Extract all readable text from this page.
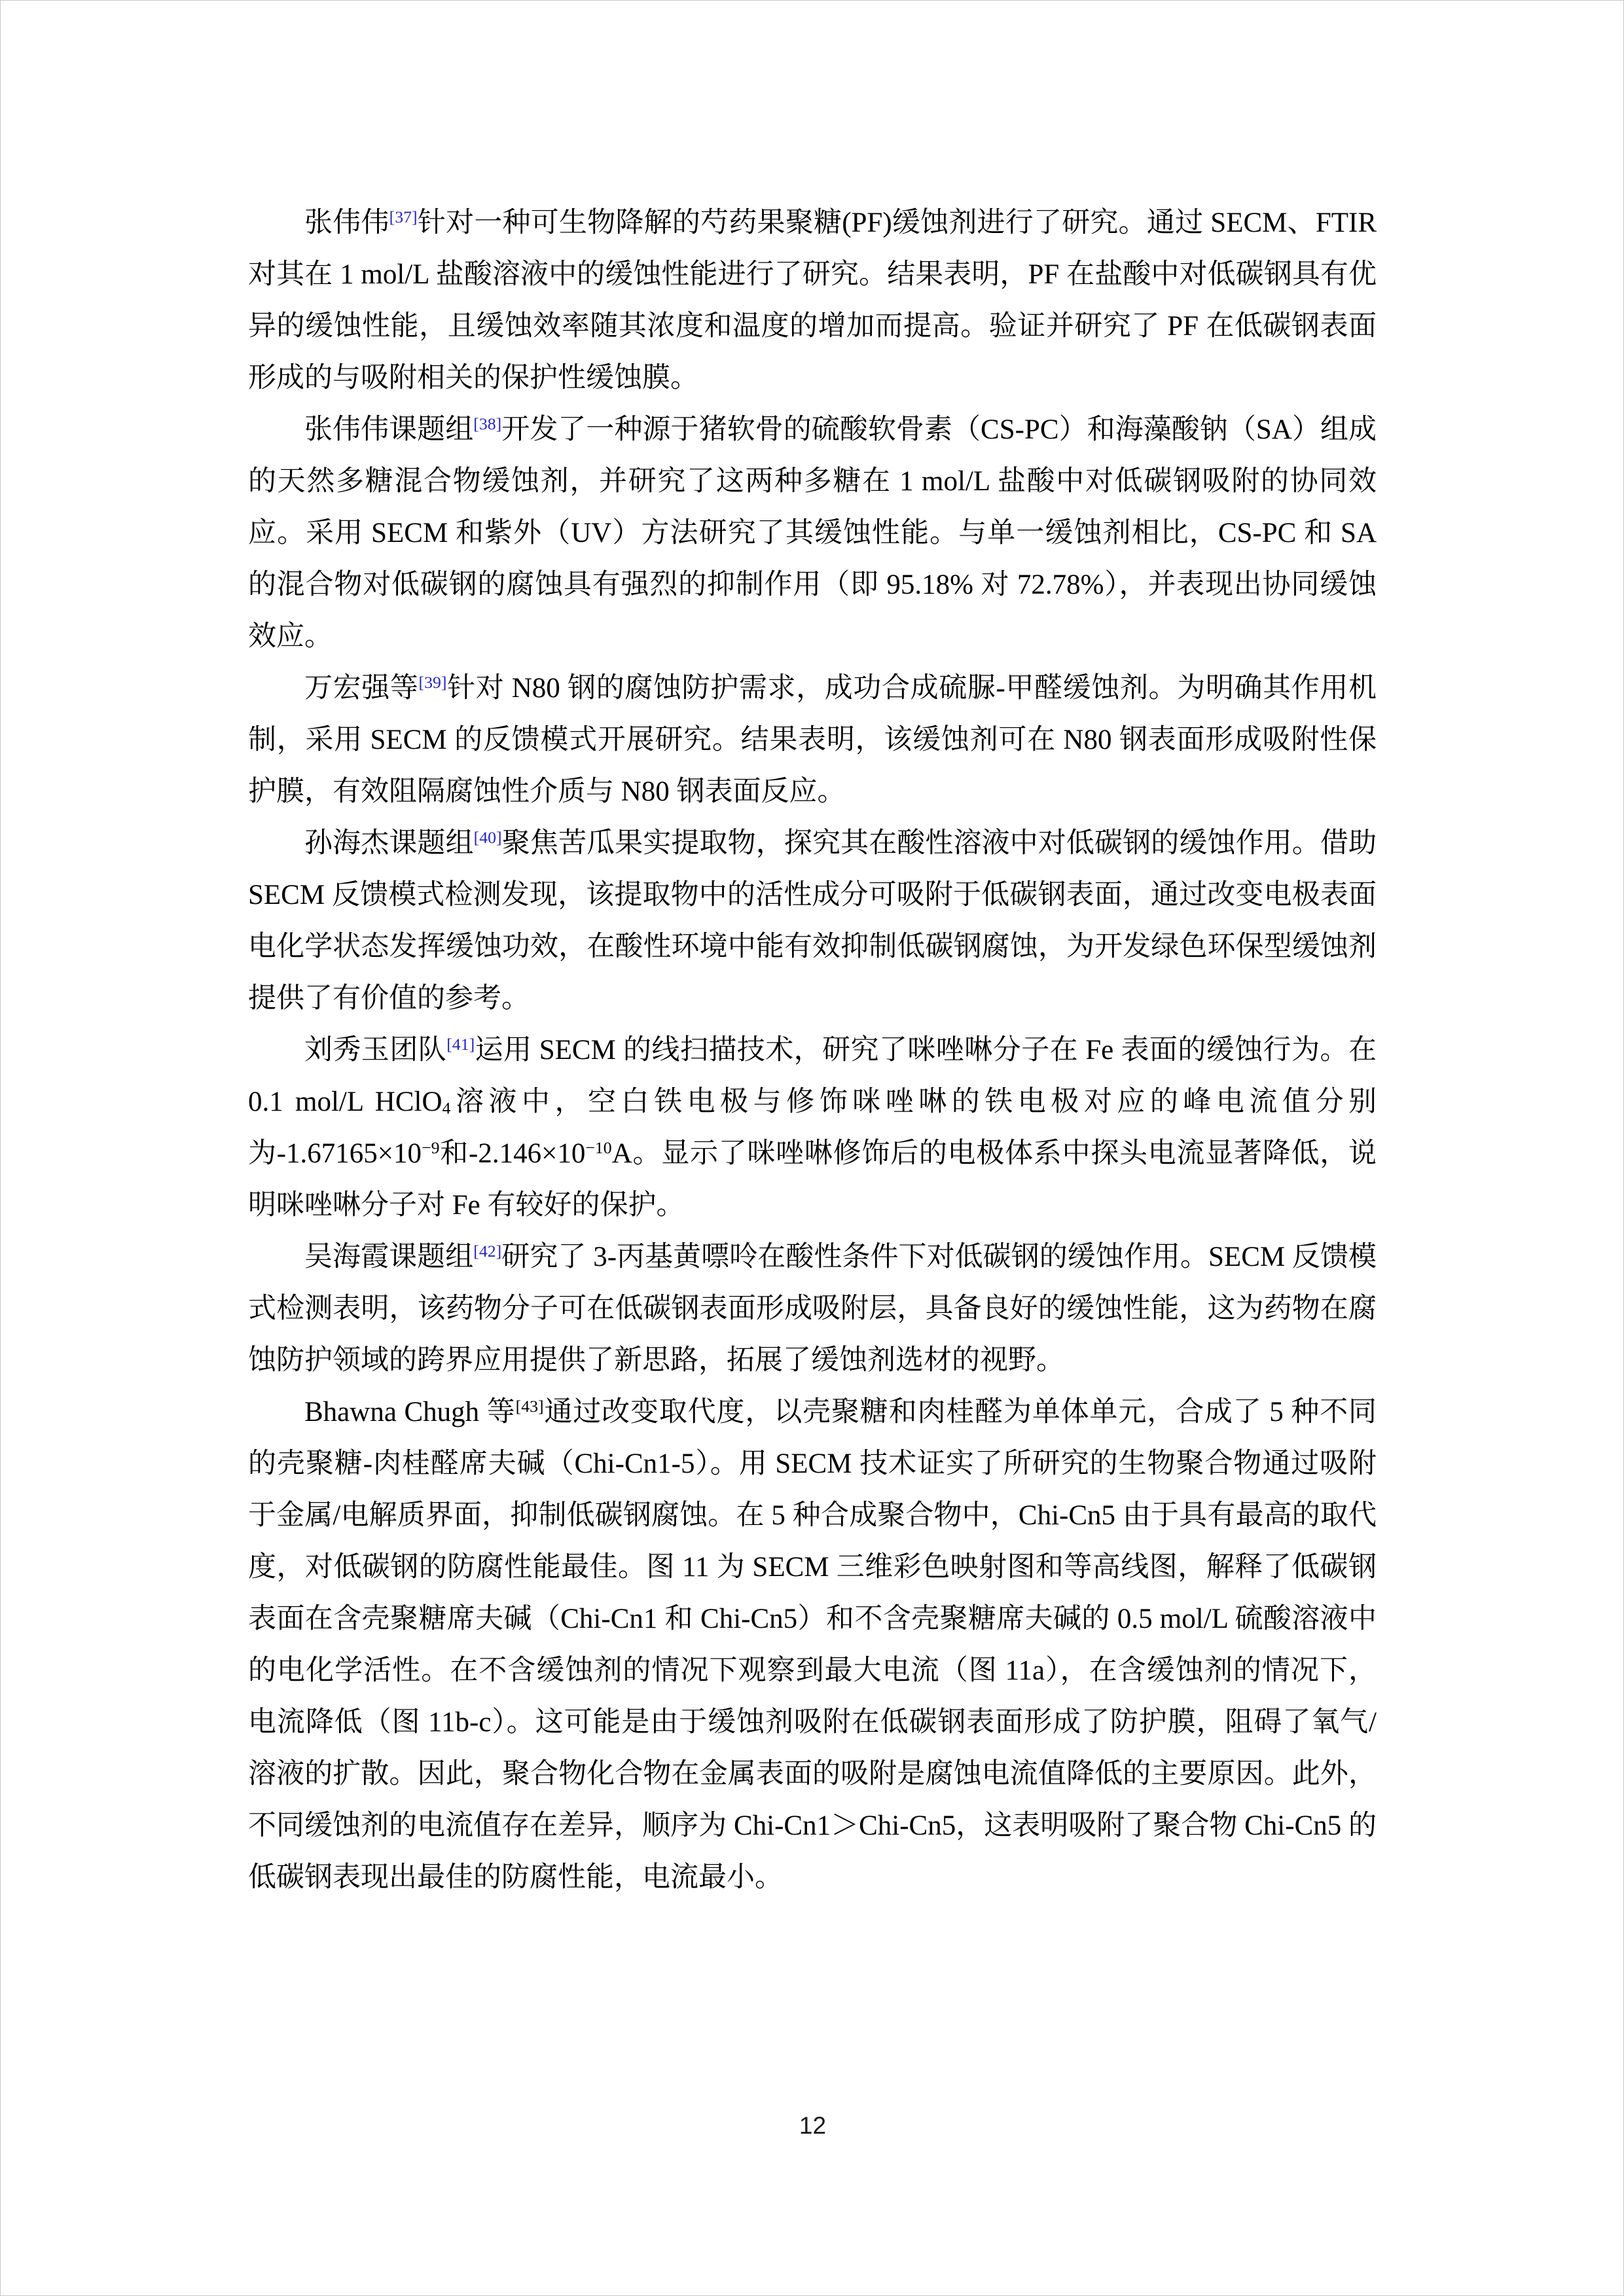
张伟伟[37]针对一种可生物降解的芍药果聚糖(PF)缓蚀剂进行了研究。通过 SECM、FTIR 对其在 1 mol/L 盐酸溶液中的缓蚀性能进行了研究。结果表明，PF 在盐酸中对低碳钢具有优异的缓蚀性能，且缓蚀效率随其浓度和温度的增加而提高。验证并研究了 PF 在低碳钢表面形成的与吸附相关的保护性缓蚀膜。

张伟伟课题组[38]开发了一种源于猪软骨的硫酸软骨素（CS-PC）和海藻酸钠（SA）组成的天然多糖混合物缓蚀剂，并研究了这两种多糖在 1 mol/L 盐酸中对低碳钢吸附的协同效应。采用 SECM 和紫外（UV）方法研究了其缓蚀性能。与单一缓蚀剂相比，CS-PC 和 SA 的混合物对低碳钢的腐蚀具有强烈的抑制作用（即 95.18% 对 72.78%），并表现出协同缓蚀效应。

万宏强等[39]针对 N80 钢的腐蚀防护需求，成功合成硫脲-甲醛缓蚀剂。为明确其作用机制，采用 SECM 的反馈模式开展研究。结果表明，该缓蚀剂可在 N80 钢表面形成吸附性保护膜，有效阻隔腐蚀性介质与 N80 钢表面反应。

孙海杰课题组[40]聚焦苦瓜果实提取物，探究其在酸性溶液中对低碳钢的缓蚀作用。借助 SECM 反馈模式检测发现，该提取物中的活性成分可吸附于低碳钢表面，通过改变电极表面电化学状态发挥缓蚀功效，在酸性环境中能有效抑制低碳钢腐蚀，为开发绿色环保型缓蚀剂提供了有价值的参考。

刘秀玉团队[41]运用 SECM 的线扫描技术，研究了咪唑啉分子在 Fe 表面的缓蚀行为。在 0.1 mol/L HClO$_4$溶液中，空白铁电极与修饰咪唑啉的铁电极对应的峰电流值分别为$-1.67165\times 10^{-9}$和$-2.146\times 10^{-10}A$。显示了咪唑啉修饰后的电极体系中探头电流显著降低，说明咪唑啉分子对 Fe 有较好的保护。

吴海霞课题组[42]研究了 3-丙基黄嘌呤在酸性条件下对低碳钢的缓蚀作用。SECM 反馈模式检测表明，该药物分子可在低碳钢表面形成吸附层，具备良好的缓蚀性能，这为药物在腐蚀防护领域的跨界应用提供了新思路，拓展了缓蚀剂选材的视野。

Bhawna Chugh 等[43]通过改变取代度，以壳聚糖和肉桂醛为单体单元，合成了 5 种不同的壳聚糖-肉桂醛席夫碱（Chi-Cn1-5）。用 SECM 技术证实了所研究的生物聚合物通过吸附于金属/电解质界面，抑制低碳钢腐蚀。在 5 种合成聚合物中，Chi-Cn5 由于具有最高的取代度，对低碳钢的防腐性能最佳。图 11 为 SECM 三维彩色映射图和等高线图，解释了低碳钢表面在含壳聚糖席夫碱（Chi-Cn1 和 Chi-Cn5）和不含壳聚糖席夫碱的 0.5 mol/L 硫酸溶液中的电化学活性。在不含缓蚀剂的情况下观察到最大电流（图 11a），在含缓蚀剂的情况下，电流降低（图 11b-c）。这可能是由于缓蚀剂吸附在低碳钢表面形成了防护膜，阻碍了氧气/溶液的扩散。因此，聚合物化合物在金属表面的吸附是腐蚀电流值降低的主要原因。此外，不同缓蚀剂的电流值存在差异，顺序为 Chi-Cn1＞Chi-Cn5，这表明吸附了聚合物 Chi-Cn5 的低碳钢表现出最佳的防腐性能，电流最小。

12
